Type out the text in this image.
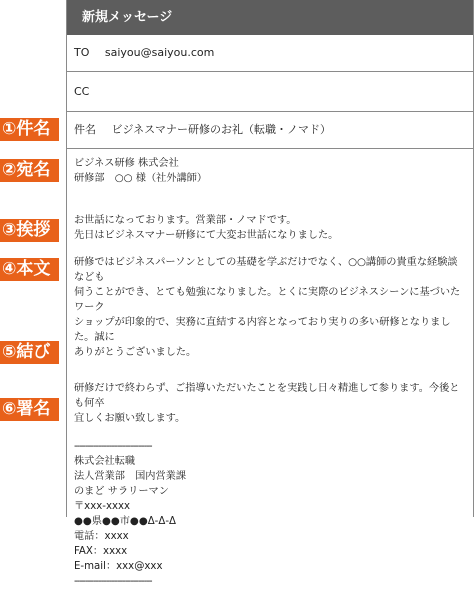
①件名
②宛名
③挨拶
④本文
⑤結び
⑥署名
新規メッセージ
TO saiyou@saiyou.com
CC
件名 ビジネスマナー研修のお礼（転職・ノマド）

ビジネス研修 株式会社

研修部　○○ 様（社外講師）

お世話になっております。営業部・ノマドです。

先日はビジネスマナー研修にて大変お世話になりました。

研修ではビジネスパーソンとしての基礎を学ぶだけでなく、○○講師の貴重な経験談なども

伺うことができ、とても勉強になりました。とくに実際のビジネスシーンに基づいたワーク

ショップが印象的で、実務に直結する内容となっており実りの多い研修となりました。誠に

ありがとうございました。

研修だけで終わらず、ご指導いただいたことを実践し日々精進して参ります。今後とも何卒

宜しくお願い致します。

-----------------------------

株式会社転職

法人営業部　国内営業課

のまど サラリーマン

〒xxx-xxxx

●●県●●市●●Δ-Δ-Δ

電話：xxxx

FAX：xxxx

E-mail：xxx@xxx

-----------------------------
